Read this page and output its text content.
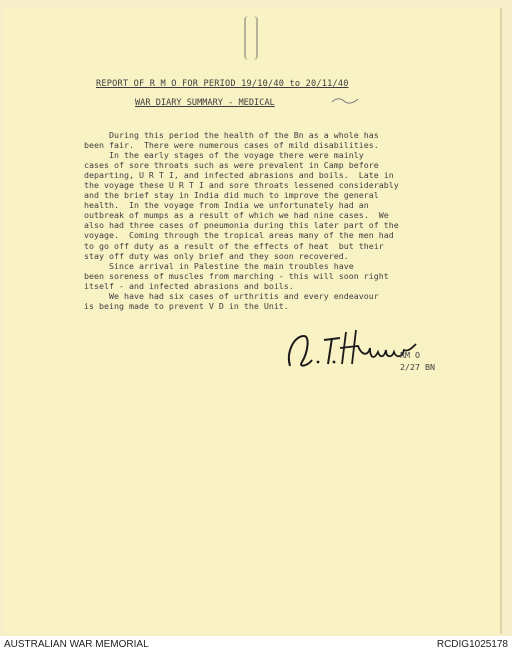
REPORT OF R M O FOR PERIOD 19/10/40 to 20/11/40
WAR DIARY SUMMARY - MEDICAL
During this period the health of the Bn as a whole has
been fair.  There were numerous cases of mild disabilities.
In the early stages of the voyage there were mainly
cases of sore throats such as were prevalent in Camp before
departing, U R T I, and infected abrasions and boils.  Late in
the voyage these U R T I and sore throats lessened considerably
and the brief stay in India did much to improve the general
health.  In the voyage from India we unfortunately had an
outbreak of mumps as a result of which we had nine cases.  We
also had three cases of pneumonia during this later part of the
voyage.  Coming through the tropical areas many of the men had
to go off duty as a result of the effects of heat  but their
stay off duty was only brief and they soon recovered.
Since arrival in Palestine the main troubles have
been soreness of muscles from marching - this will soon right
itself - and infected abrasions and boils.
We have had six cases of urthritis and every endeavour
is being made to prevent V D in the Unit.
RM O
2/27 BN
AUSTRALIAN WAR MEMORIAL	RCDIG1025178
